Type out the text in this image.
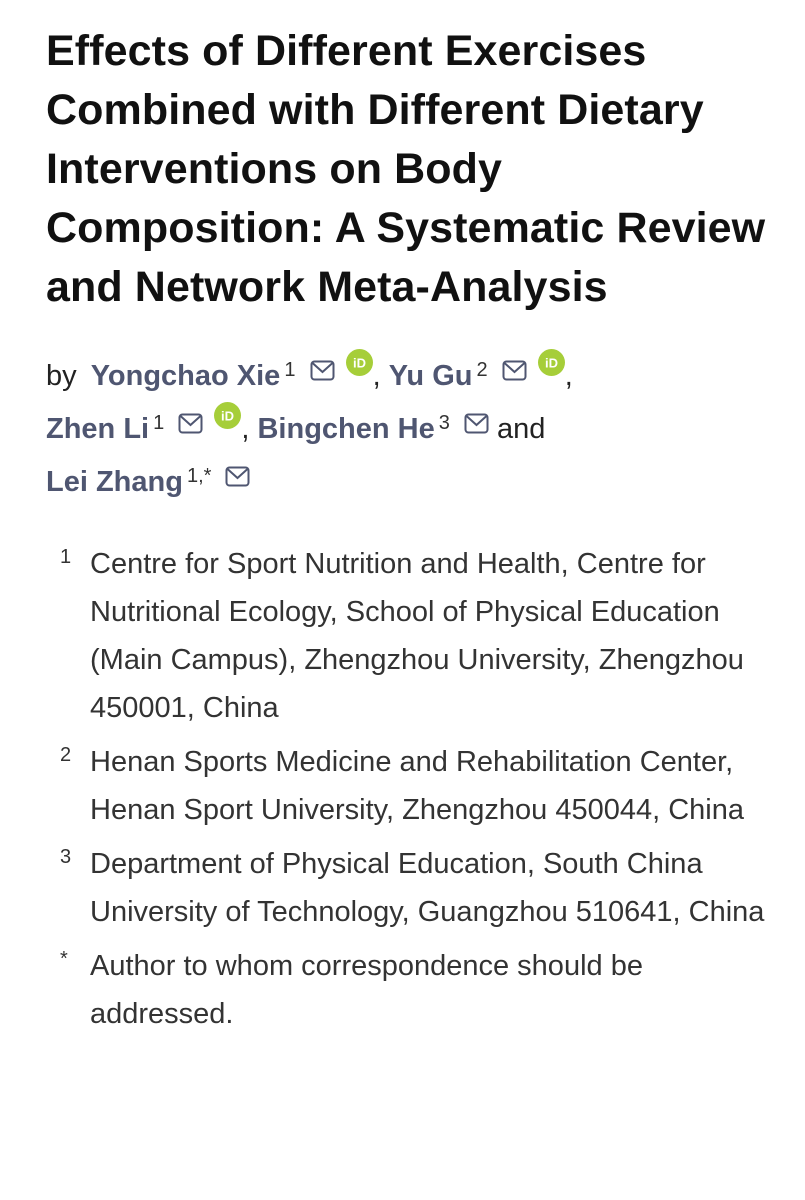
Effects of Different Exercises Combined with Different Dietary Interventions on Body Composition: A Systematic Review and Network Meta-Analysis
by Yongchao Xie $^1$	iD , Yu Gu $^2$	iD ,
Zhen Li $^1$	iD , Bingchen He $^3$ and
Lei Zhang $^{1,*}$
1 Centre for Sport Nutrition and Health, Centre for Nutritional Ecology, School of Physical Education (Main Campus), Zhengzhou University, Zhengzhou 450001, China
2 Henan Sports Medicine and Rehabilitation Center, Henan Sport University, Zhengzhou 450044, China
3 Department of Physical Education, South China University of Technology, Guangzhou 510641, China
* Author to whom correspondence should be addressed.
